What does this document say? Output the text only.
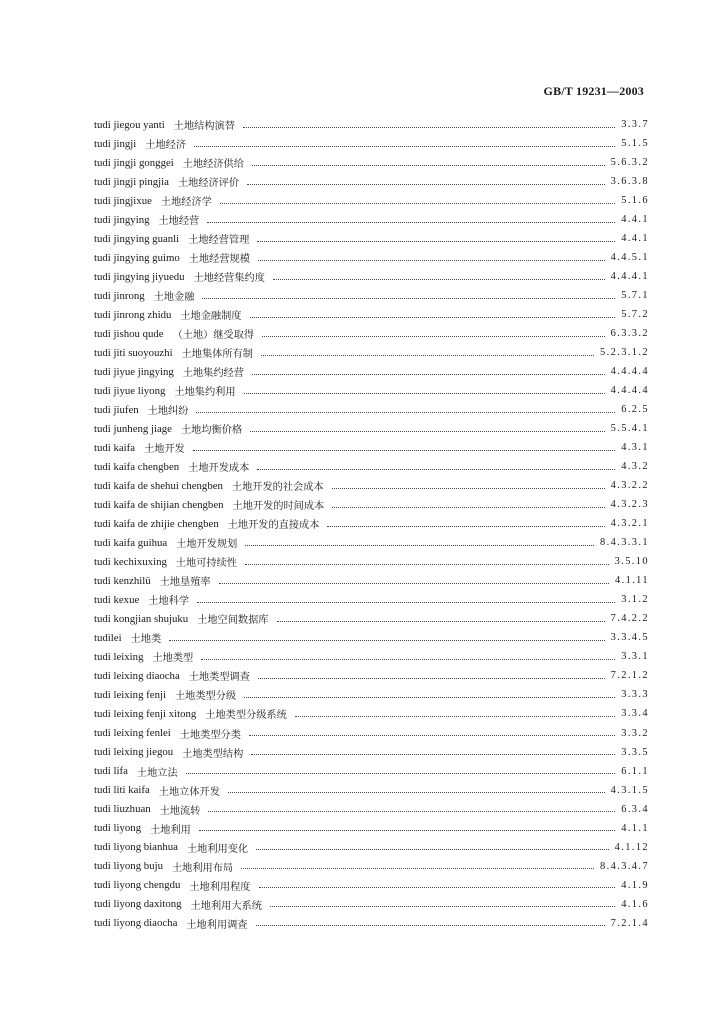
GB/T 19231—2003
tudi jiegou yanti 土地结构演替	3.3.7
tudi jingji 土地经济	5.1.5
tudi jingji gonggei 土地经济供给	5.6.3.2
tudi jingji pingjia 土地经济评价	3.6.3.8
tudi jingjixue 土地经济学	5.1.6
tudi jingying 土地经营	4.4.1
tudi jingying guanli 土地经营管理	4.4.1
tudi jingying guimo 土地经营规模	4.4.5.1
tudi jingying jiyuedu 土地经营集约度	4.4.4.1
tudi jinrong 土地金融	5.7.1
tudi jinrong zhidu 土地金融制度	5.7.2
tudi jishou qude （土地）继受取得	6.3.3.2
tudi jiti suoyouzhi 土地集体所有制	5.2.3.1.2
tudi jiyue jingying 土地集约经营	4.4.4.4
tudi jiyue liyong 土地集约利用	4.4.4.4
tudi jiufen 土地纠纷	6.2.5
tudi junheng jiage 土地均衡价格	5.5.4.1
tudi kaifa 土地开发	4.3.1
tudi kaifa chengben 土地开发成本	4.3.2
tudi kaifa de shehui chengben 土地开发的社会成本	4.3.2.2
tudi kaifa de shijian chengben 土地开发的时间成本	4.3.2.3
tudi kaifa de zhijie chengben 土地开发的直接成本	4.3.2.1
tudi kaifa guihua 土地开发规划	8.4.3.3.1
tudi kechixuxing 土地可持续性	3.5.10
tudi kenzhilü 土地垦殖率	4.1.11
tudi kexue 土地科学	3.1.2
tudi kongjian shujuku 土地空间数据库	7.4.2.2
tudilei 土地类	3.3.4.5
tudi leixing 土地类型	3.3.1
tudi leixing diaocha 土地类型调查	7.2.1.2
tudi leixing fenji 土地类型分级	3.3.3
tudi leixing fenji xitong 土地类型分级系统	3.3.4
tudi leixing fenlei 土地类型分类	3.3.2
tudi leixing jiegou 土地类型结构	3.3.5
tudi lifa 土地立法	6.1.1
tudi liti kaifa 土地立体开发	4.3.1.5
tudi liuzhuan 土地流转	6.3.4
tudi liyong 土地利用	4.1.1
tudi liyong bianhua 土地利用变化	4.1.12
tudi liyong buju 土地利用布局	8.4.3.4.7
tudi liyong chengdu 土地利用程度	4.1.9
tudi liyong daxitong 土地利用大系统	4.1.6
tudi liyong diaocha 土地利用调查	7.2.1.4
